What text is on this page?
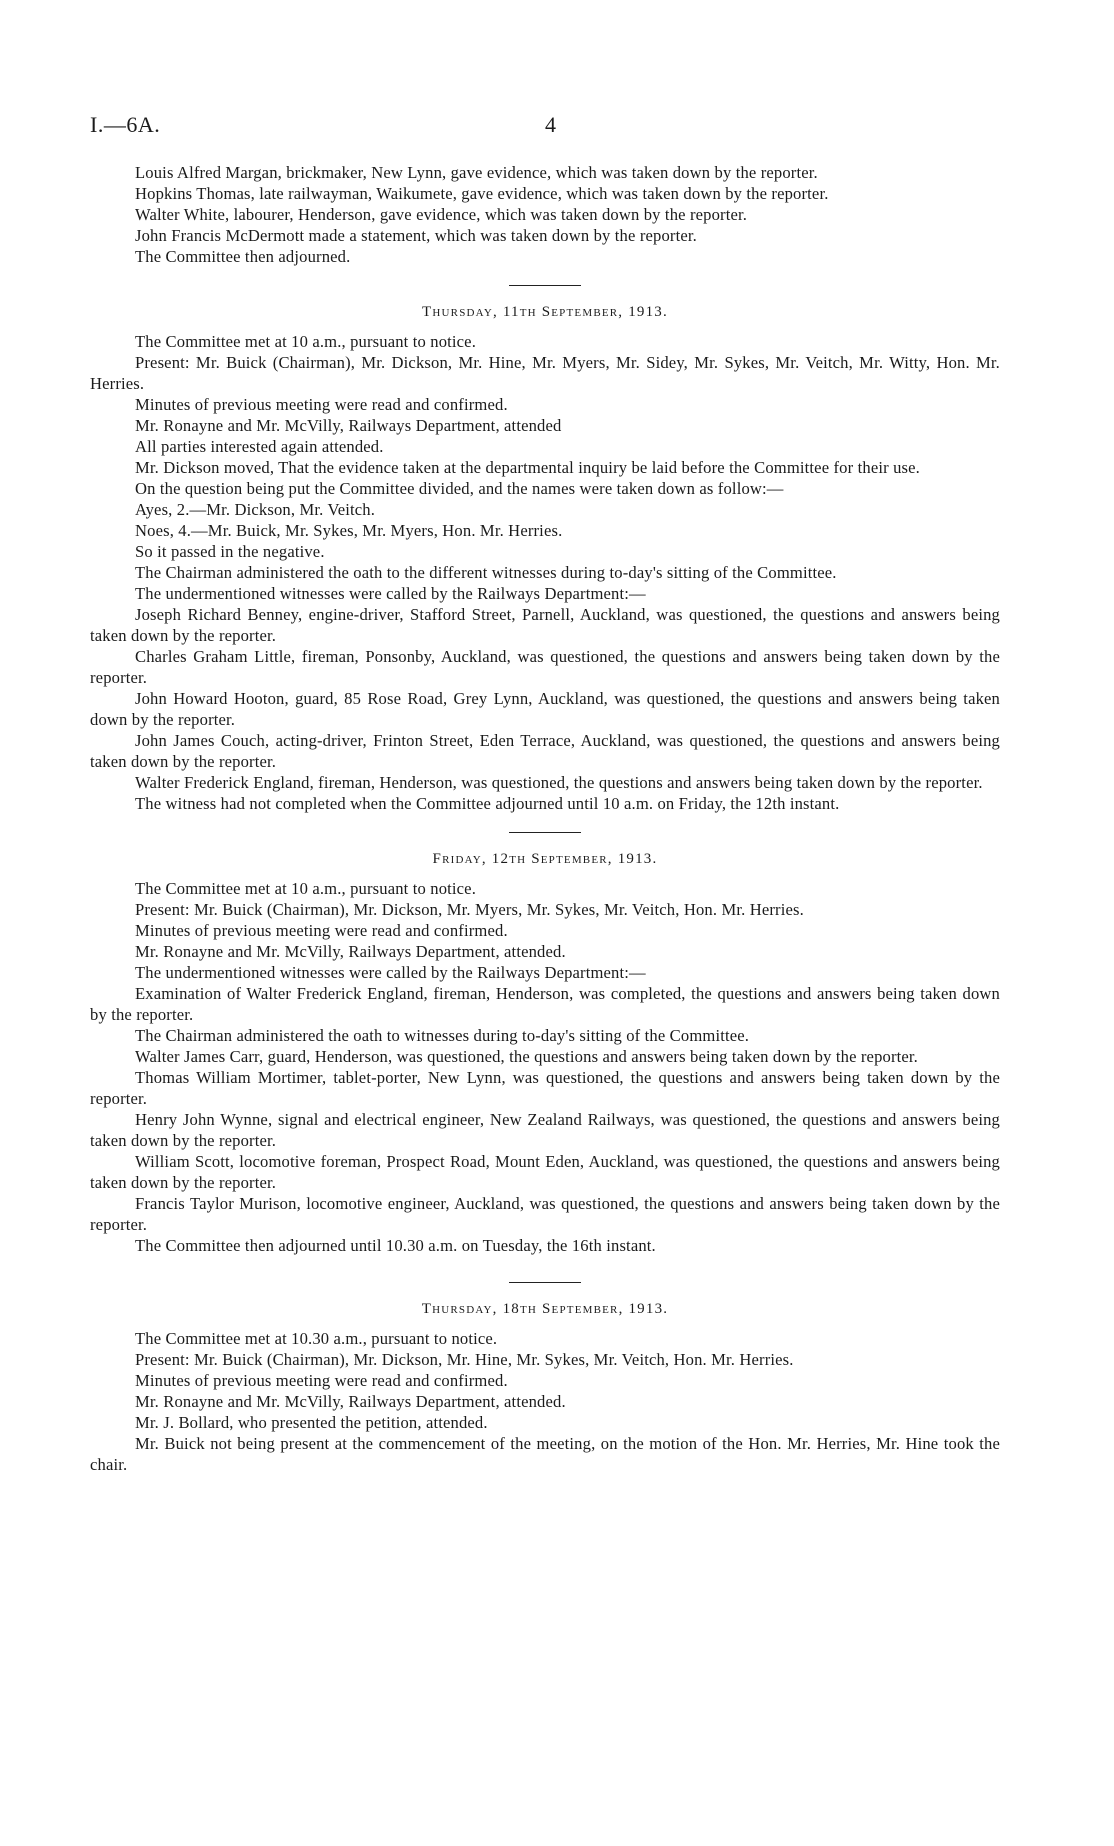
I.—6A.	4

Louis Alfred Margan, brickmaker, New Lynn, gave evidence, which was taken down by the reporter.

Hopkins Thomas, late railwayman, Waikumete, gave evidence, which was taken down by the reporter.

Walter White, labourer, Henderson, gave evidence, which was taken down by the reporter.

John Francis McDermott made a statement, which was taken down by the reporter.

The Committee then adjourned.

Thursday, 11th September, 1913.

The Committee met at 10 a.m., pursuant to notice.

Present: Mr. Buick (Chairman), Mr. Dickson, Mr. Hine, Mr. Myers, Mr. Sidey, Mr. Sykes, Mr. Veitch, Mr. Witty, Hon. Mr. Herries.

Minutes of previous meeting were read and confirmed.

Mr. Ronayne and Mr. McVilly, Railways Department, attended

All parties interested again attended.

Mr. Dickson moved, That the evidence taken at the departmental inquiry be laid before the Committee for their use.

On the question being put the Committee divided, and the names were taken down as follow:—

Ayes, 2.—Mr. Dickson, Mr. Veitch.

Noes, 4.—Mr. Buick, Mr. Sykes, Mr. Myers, Hon. Mr. Herries.

So it passed in the negative.

The Chairman administered the oath to the different witnesses during to-day's sitting of the Committee.

The undermentioned witnesses were called by the Railways Department:—

Joseph Richard Benney, engine-driver, Stafford Street, Parnell, Auckland, was questioned, the questions and answers being taken down by the reporter.

Charles Graham Little, fireman, Ponsonby, Auckland, was questioned, the questions and answers being taken down by the reporter.

John Howard Hooton, guard, 85 Rose Road, Grey Lynn, Auckland, was questioned, the questions and answers being taken down by the reporter.

John James Couch, acting-driver, Frinton Street, Eden Terrace, Auckland, was questioned, the questions and answers being taken down by the reporter.

Walter Frederick England, fireman, Henderson, was questioned, the questions and answers being taken down by the reporter.

The witness had not completed when the Committee adjourned until 10 a.m. on Friday, the 12th instant.

Friday, 12th September, 1913.

The Committee met at 10 a.m., pursuant to notice.

Present: Mr. Buick (Chairman), Mr. Dickson, Mr. Myers, Mr. Sykes, Mr. Veitch, Hon. Mr. Herries.

Minutes of previous meeting were read and confirmed.

Mr. Ronayne and Mr. McVilly, Railways Department, attended.

The undermentioned witnesses were called by the Railways Department:—

Examination of Walter Frederick England, fireman, Henderson, was completed, the questions and answers being taken down by the reporter.

The Chairman administered the oath to witnesses during to-day's sitting of the Committee.

Walter James Carr, guard, Henderson, was questioned, the questions and answers being taken down by the reporter.

Thomas William Mortimer, tablet-porter, New Lynn, was questioned, the questions and answers being taken down by the reporter.

Henry John Wynne, signal and electrical engineer, New Zealand Railways, was questioned, the questions and answers being taken down by the reporter.

William Scott, locomotive foreman, Prospect Road, Mount Eden, Auckland, was questioned, the questions and answers being taken down by the reporter.

Francis Taylor Murison, locomotive engineer, Auckland, was questioned, the questions and answers being taken down by the reporter.

The Committee then adjourned until 10.30 a.m. on Tuesday, the 16th instant.

Thursday, 18th September, 1913.

The Committee met at 10.30 a.m., pursuant to notice.

Present: Mr. Buick (Chairman), Mr. Dickson, Mr. Hine, Mr. Sykes, Mr. Veitch, Hon. Mr. Herries.

Minutes of previous meeting were read and confirmed.

Mr. Ronayne and Mr. McVilly, Railways Department, attended.

Mr. J. Bollard, who presented the petition, attended.

Mr. Buick not being present at the commencement of the meeting, on the motion of the Hon. Mr. Herries, Mr. Hine took the chair.
